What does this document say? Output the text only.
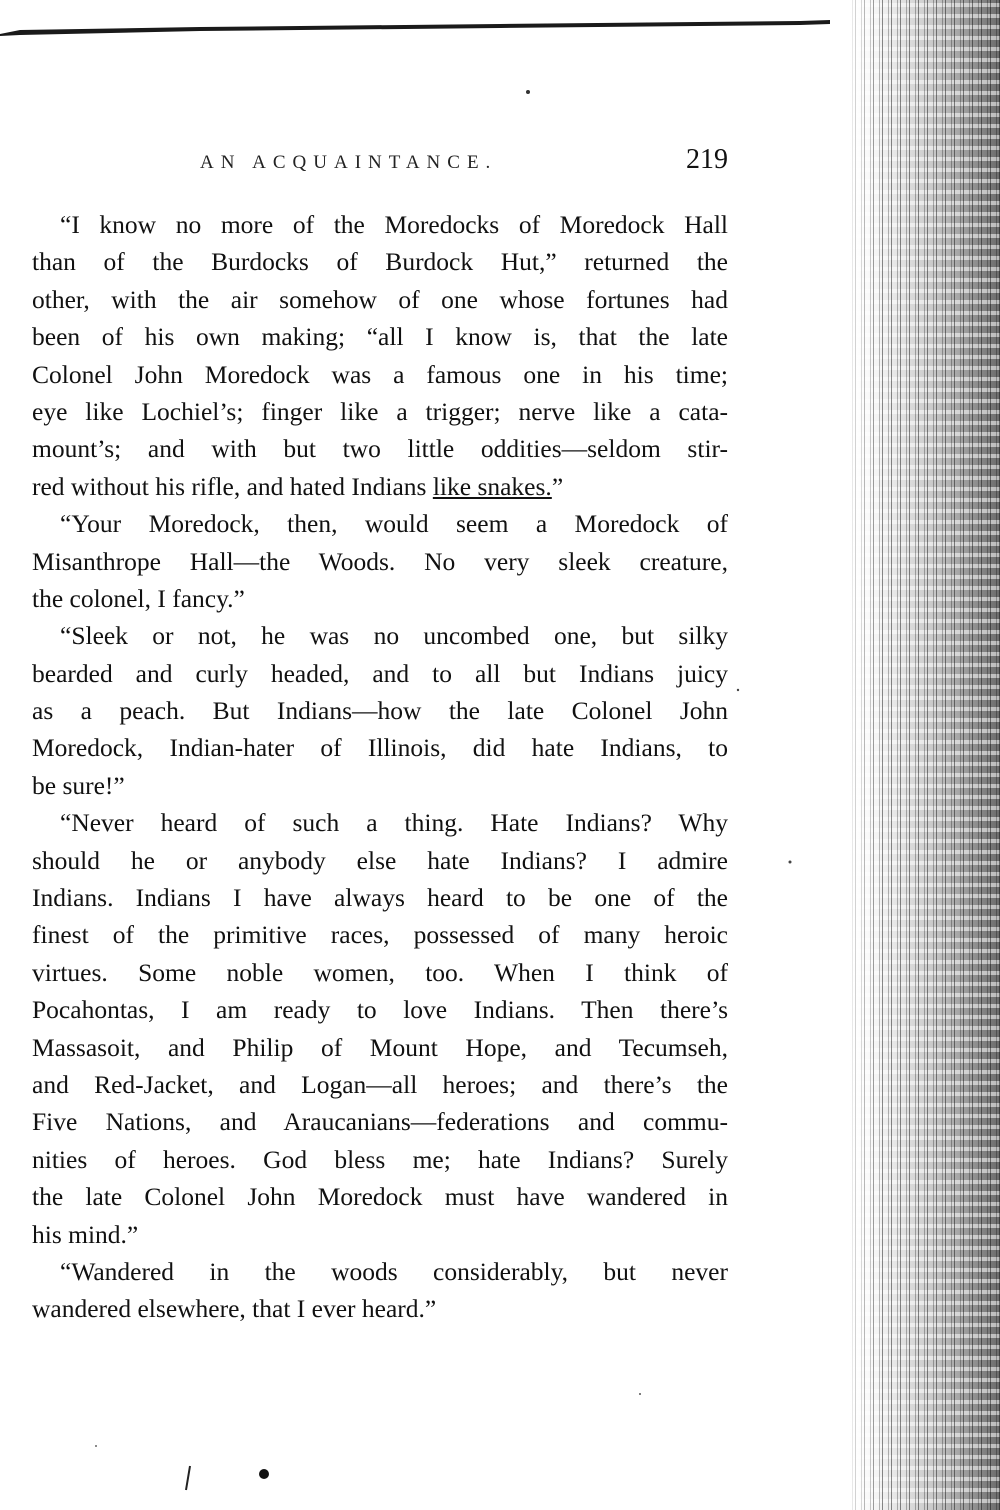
AN ACQUAINTANCE.	219
“I know no more of the Moredocks of Moredock Hall
than of the Burdocks of Burdock Hut,” returned the
other, with the air somehow of one whose fortunes had
been of his own making; “all I know is, that the late
Colonel John Moredock was a famous one in his time;
eye like Lochiel’s; finger like a trigger; nerve like a cata-
mount’s; and with but two little oddities—seldom stir-
red without his rifle, and hated Indians like snakes.”
“Your Moredock, then, would seem a Moredock of
Misanthrope Hall—the Woods. No very sleek creature,
the colonel, I fancy.”
“Sleek or not, he was no uncombed one, but silky
bearded and curly headed, and to all but Indians juicy
as a peach. But Indians—how the late Colonel John
Moredock, Indian-hater of Illinois, did hate Indians, to
be sure!”
“Never heard of such a thing. Hate Indians? Why
should he or anybody else hate Indians? I admire
Indians. Indians I have always heard to be one of the
finest of the primitive races, possessed of many heroic
virtues. Some noble women, too. When I think of
Pocahontas, I am ready to love Indians. Then there’s
Massasoit, and Philip of Mount Hope, and Tecumseh,
and Red-Jacket, and Logan—all heroes; and there’s the
Five Nations, and Araucanians—federations and commu-
nities of heroes. God bless me; hate Indians? Surely
the late Colonel John Moredock must have wandered in
his mind.”
“Wandered in the woods considerably, but never
wandered elsewhere, that I ever heard.”
